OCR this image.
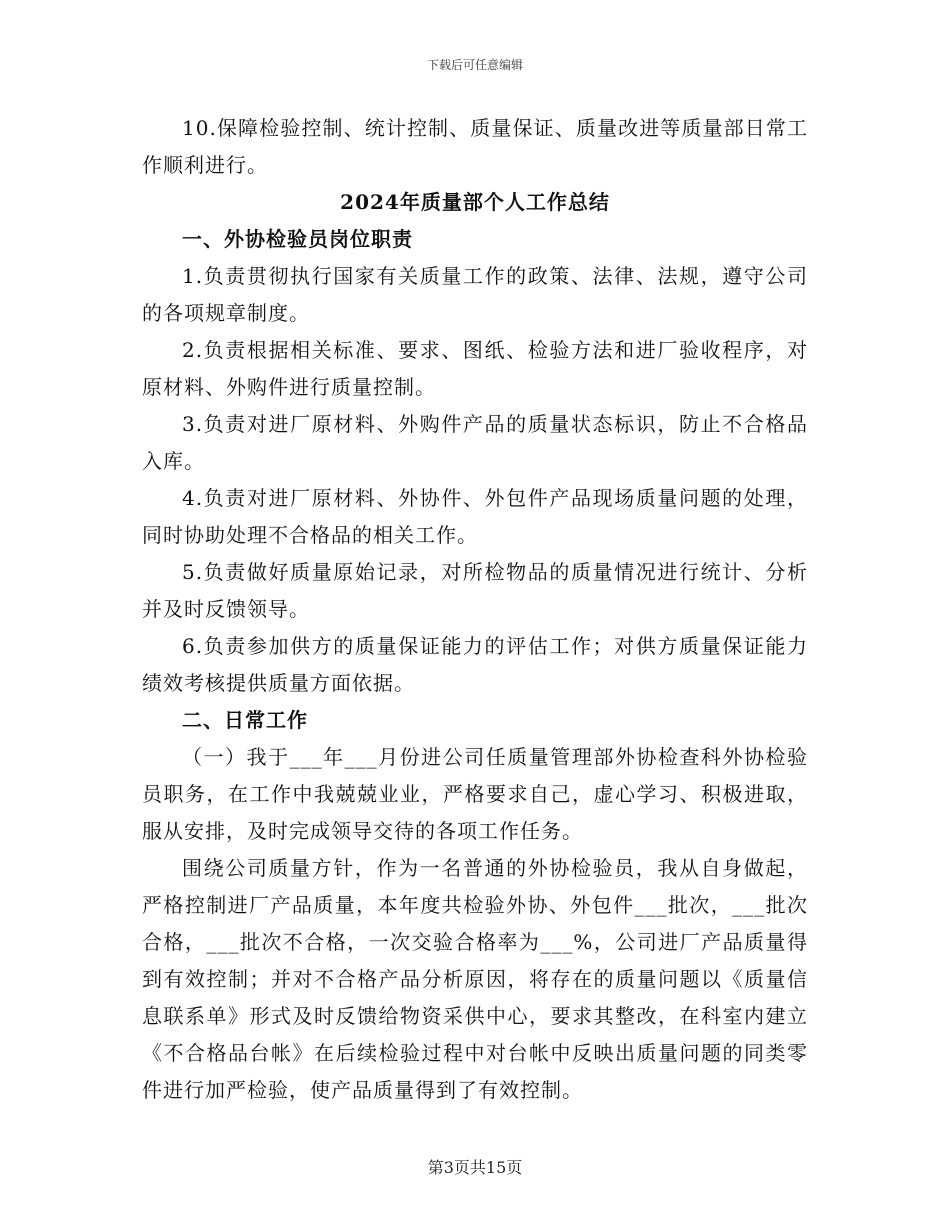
下载后可任意编辑

10.保障检验控制、统计控制、质量保证、质量改进等质量部日常工作顺利进行。

2024年质量部个人工作总结

一、外协检验员岗位职责

1.负责贯彻执行国家有关质量工作的政策、法律、法规，遵守公司的各项规章制度。

2.负责根据相关标准、要求、图纸、检验方法和进厂验收程序，对原材料、外购件进行质量控制。

3.负责对进厂原材料、外购件产品的质量状态标识，防止不合格品入库。

4.负责对进厂原材料、外协件、外包件产品现场质量问题的处理，同时协助处理不合格品的相关工作。

5.负责做好质量原始记录，对所检物品的质量情况进行统计、分析并及时反馈领导。

6.负责参加供方的质量保证能力的评估工作；对供方质量保证能力绩效考核提供质量方面依据。

二、日常工作

（一）我于___年___月份进公司任质量管理部外协检查科外协检验员职务，在工作中我兢兢业业，严格要求自己，虚心学习、积极进取，服从安排，及时完成领导交待的各项工作任务。

围绕公司质量方针，作为一名普通的外协检验员，我从自身做起，严格控制进厂产品质量，本年度共检验外协、外包件___批次，___批次合格，___批次不合格，一次交验合格率为___%，公司进厂产品质量得到有效控制；并对不合格产品分析原因，将存在的质量问题以《质量信息联系单》形式及时反馈给物资采供中心，要求其整改，在科室内建立《不合格品台帐》在后续检验过程中对台帐中反映出质量问题的同类零件进行加严检验，使产品质量得到了有效控制。

第3页共15页
